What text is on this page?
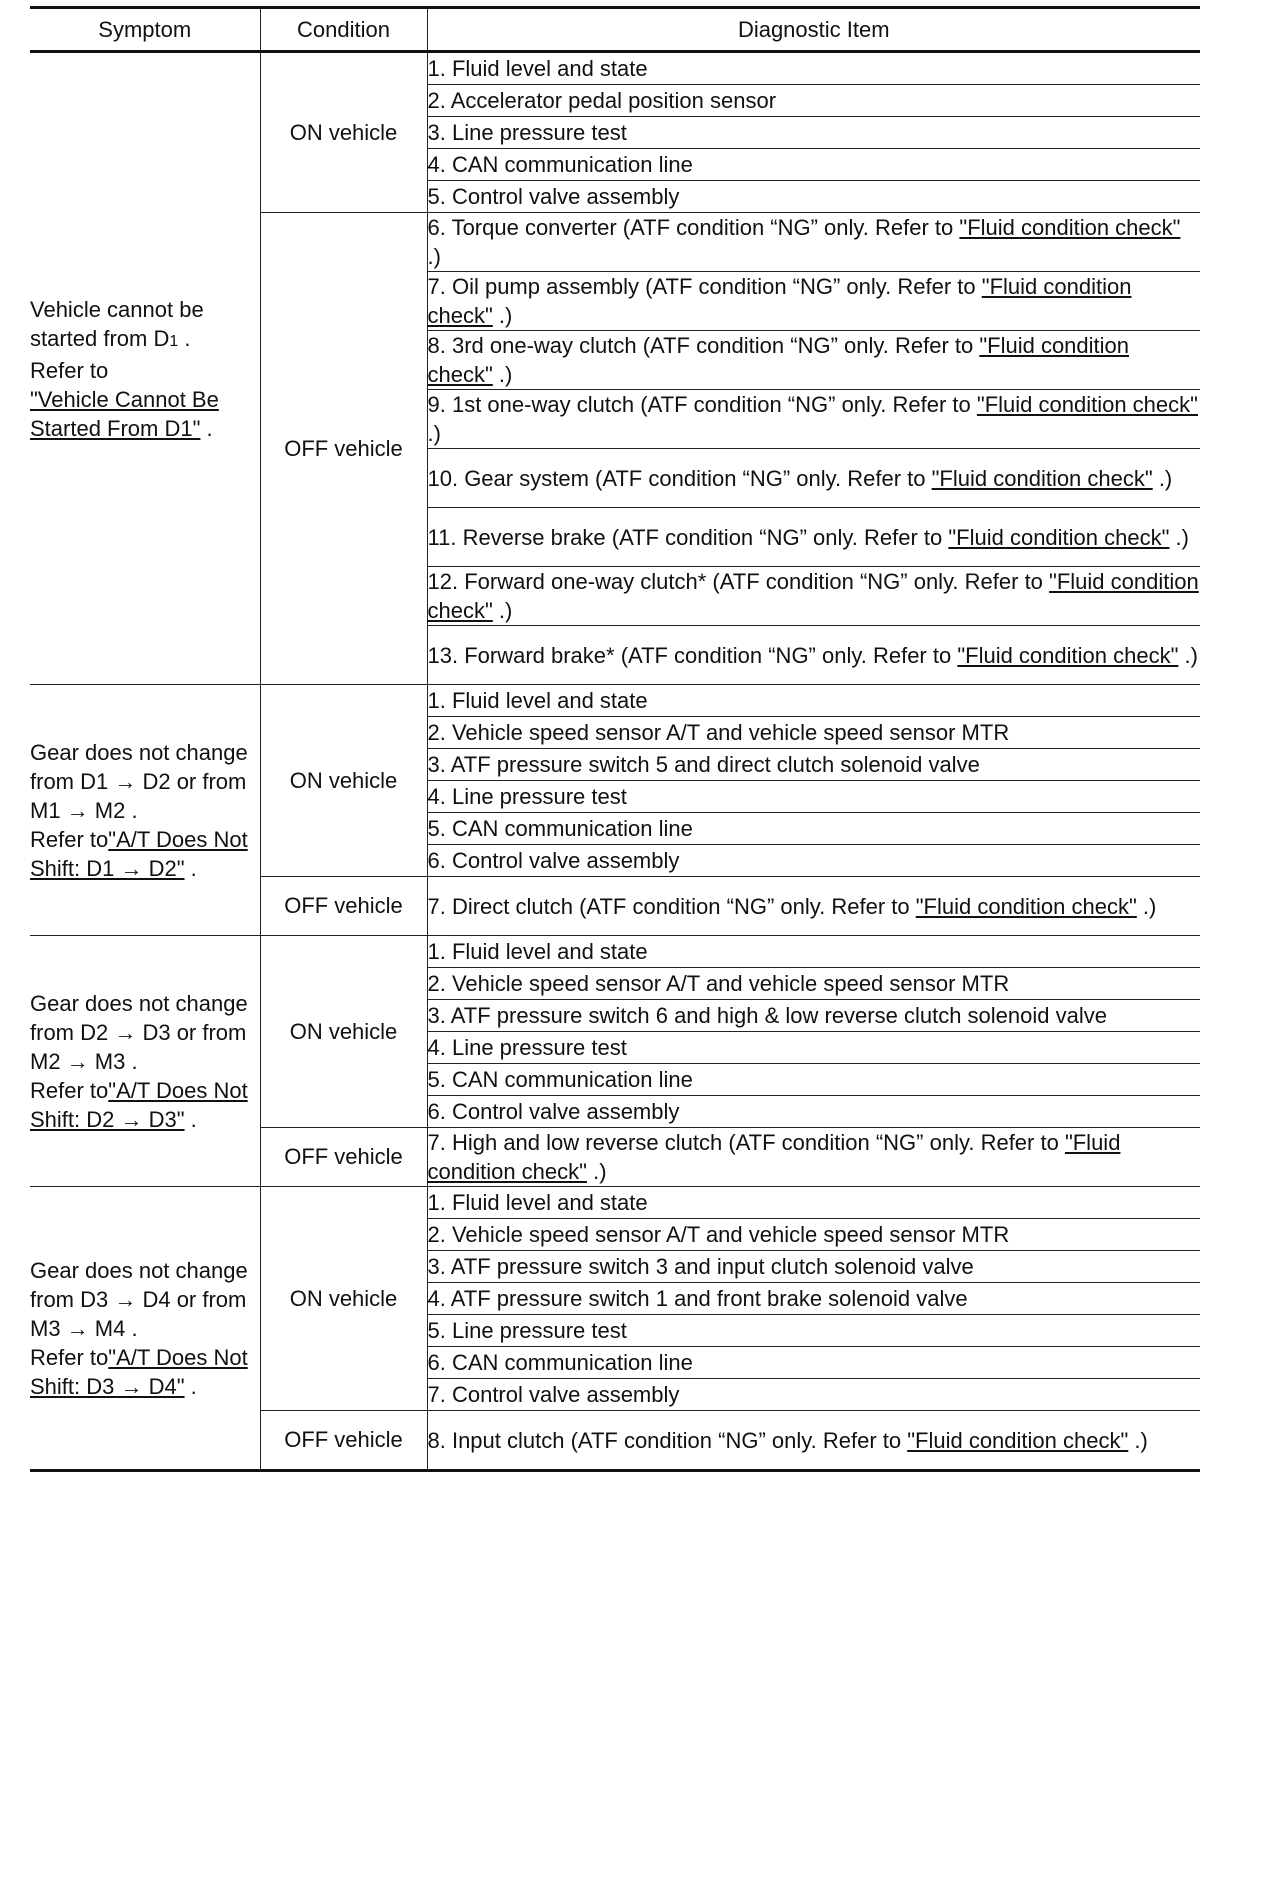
Symptom	Condition	Diagnostic Item
Vehicle cannot be started from D1 .
Refer to
"Vehicle Cannot Be Started From D1" .	ON vehicle	1. Fluid level and state
		2. Accelerator pedal position sensor
		3. Line pressure test
		4. CAN communication line
		5. Control valve assembly
	OFF vehicle	6. Torque converter (ATF condition “NG” only. Refer to "Fluid condition check" .)
		7. Oil pump assembly (ATF condition “NG” only. Refer to "Fluid condition check" .)
		8. 3rd one-way clutch (ATF condition “NG” only. Refer to "Fluid condition check" .)
		9. 1st one-way clutch (ATF condition “NG” only. Refer to "Fluid condition check" .)
		10. Gear system (ATF condition “NG” only. Refer to "Fluid condition check" .)
		11. Reverse brake (ATF condition “NG” only. Refer to "Fluid condition check" .)
		12. Forward one-way clutch* (ATF condition “NG” only. Refer to "Fluid condition check" .)
		13. Forward brake* (ATF condition “NG” only. Refer to "Fluid condition check" .)
Gear does not change from D1 → D2 or from M1 → M2 .
Refer to"A/T Does Not Shift: D1 → D2" .	ON vehicle	1. Fluid level and state
		2. Vehicle speed sensor A/T and vehicle speed sensor MTR
		3. ATF pressure switch 5 and direct clutch solenoid valve
		4. Line pressure test
		5. CAN communication line
		6. Control valve assembly
	OFF vehicle	7. Direct clutch (ATF condition “NG” only. Refer to "Fluid condition check" .)
Gear does not change from D2 → D3 or from M2 → M3 .
Refer to"A/T Does Not Shift: D2 → D3" .	ON vehicle	1. Fluid level and state
		2. Vehicle speed sensor A/T and vehicle speed sensor MTR
		3. ATF pressure switch 6 and high & low reverse clutch solenoid valve
		4. Line pressure test
		5. CAN communication line
		6. Control valve assembly
	OFF vehicle	7. High and low reverse clutch (ATF condition “NG” only. Refer to "Fluid condition check" .)
Gear does not change from D3 → D4 or from M3 → M4 .
Refer to"A/T Does Not Shift: D3 → D4" .	ON vehicle	1. Fluid level and state
		2. Vehicle speed sensor A/T and vehicle speed sensor MTR
		3. ATF pressure switch 3 and input clutch solenoid valve
		4. ATF pressure switch 1 and front brake solenoid valve
		5. Line pressure test
		6. CAN communication line
		7. Control valve assembly
	OFF vehicle	8. Input clutch (ATF condition “NG” only. Refer to "Fluid condition check" .)
